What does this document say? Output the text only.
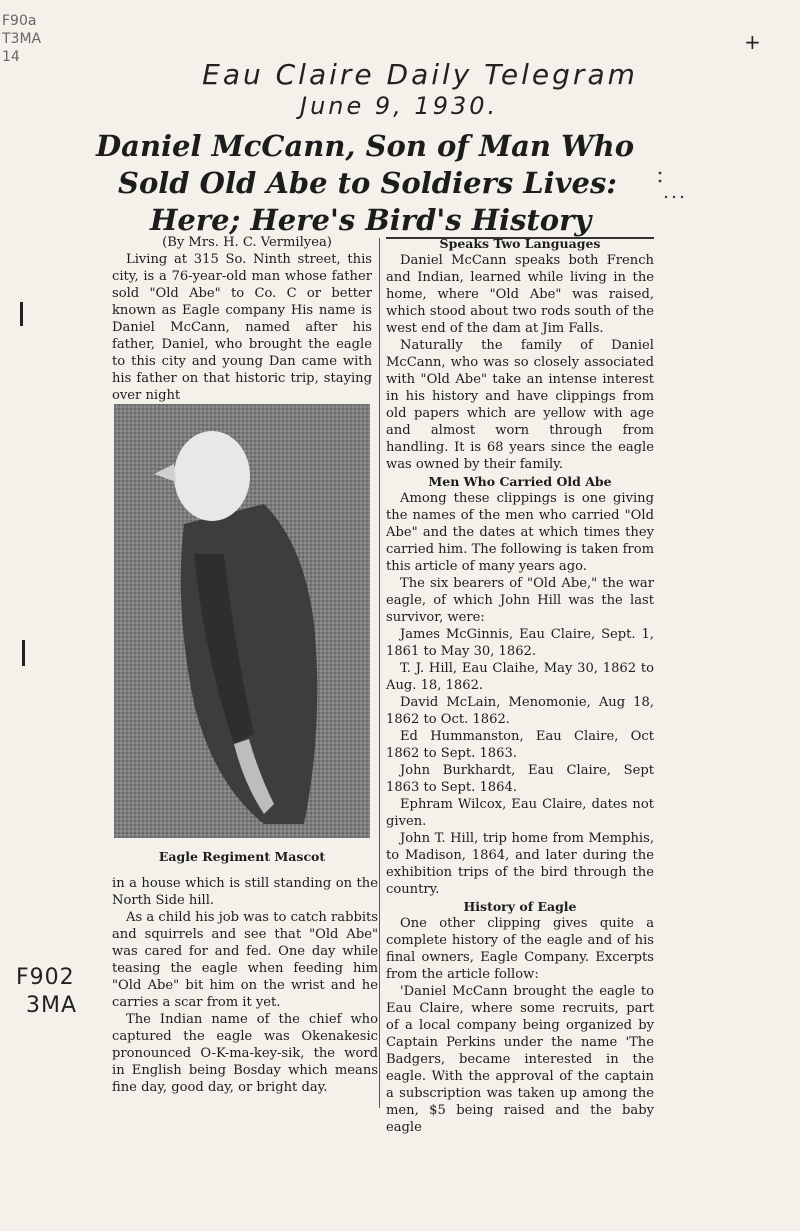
F90a
T3MA
14
+
Eau Claire Daily Telegram
June 9, 1930.
Daniel McCann, Son of Man Who
Sold Old Abe to Soldiers Lives:
Here; Here's Bird's History

(By Mrs. H. C. Vermilyea)

Living at 315 So. Ninth street, this city, is a 76-year-old man whose father sold "Old Abe" to Co. C or better known as Eagle company His name is Daniel McCann, named after his father, Daniel, who brought the eagle to this city and young Dan came with his father on that historic trip, staying over night

Eagle Regiment Mascot

in a house which is still standing on the North Side hill.

As a child his job was to catch rabbits and squirrels and see that "Old Abe" was cared for and fed. One day while teasing the eagle when feeding him "Old Abe" bit him on the wrist and he carries a scar from it yet.

The Indian name of the chief who captured the eagle was Okenakesic pronounced O-K-ma-key-sik, the word in English being Bosday which means fine day, good day, or bright day.

Speaks Two Languages

Daniel McCann speaks both French and Indian, learned while living in the home, where "Old Abe" was raised, which stood about two rods south of the west end of the dam at Jim Falls.

Naturally the family of Daniel McCann, who was so closely associated with "Old Abe" take an intense interest in his history and have clippings from old papers which are yellow with age and almost worn through from handling. It is 68 years since the eagle was owned by their family.

Men Who Carried Old Abe

Among these clippings is one giving the names of the men who carried "Old Abe" and the dates at which times they carried him. The following is taken from this article of many years ago.

The six bearers of "Old Abe," the war eagle, of which John Hill was the last survivor, were:

James McGinnis, Eau Claire, Sept. 1, 1861 to May 30, 1862.

T. J. Hill, Eau Claihe, May 30, 1862 to Aug. 18, 1862.

David McLain, Menomonie, Aug 18, 1862 to Oct. 1862.

Ed Hummanston, Eau Claire, Oct 1862 to Sept. 1863.

John Burkhardt, Eau Claire, Sept 1863 to Sept. 1864.

Ephram Wilcox, Eau Claire, dates not given.

John T. Hill, trip home from Memphis, to Madison, 1864, and later during the exhibition trips of the bird through the country.

History of Eagle

One other clipping gives quite a complete history of the eagle and of his final owners, Eagle Company. Excerpts from the article follow:

'Daniel McCann brought the eagle to Eau Claire, where some recruits, part of a local company being organized by Captain Perkins under the name 'The Badgers, became interested in the eagle. With the approval of the captain a subscription was taken up among the men, $5 being raised and the baby eagle

F902
3MA
